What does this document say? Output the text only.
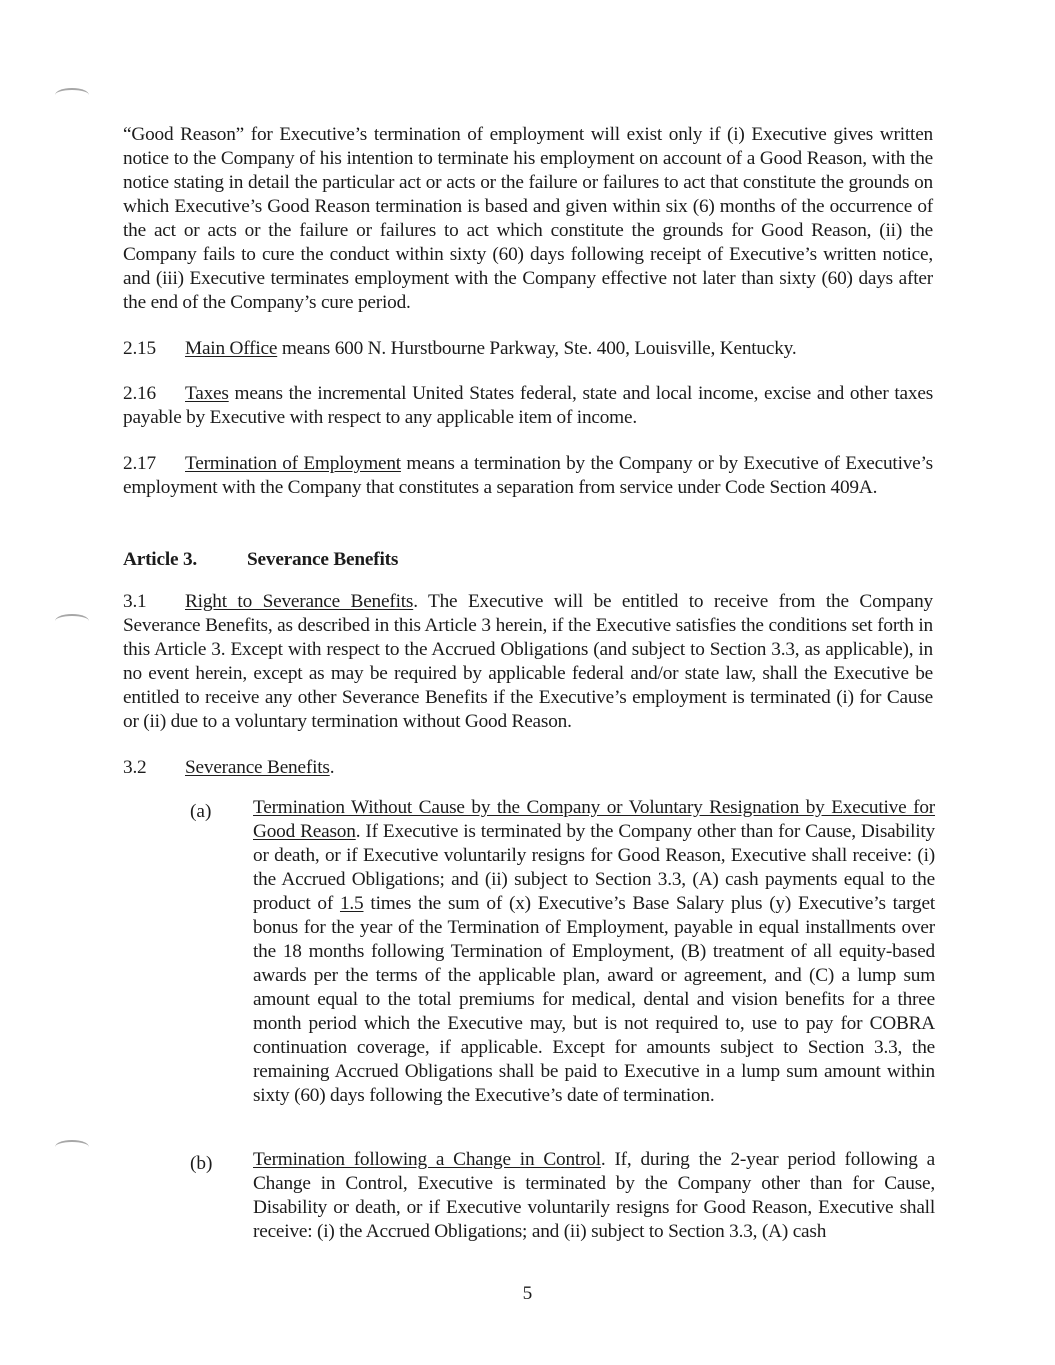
“Good Reason” for Executive’s termination of employment will exist only if (i) Executive gives written notice to the Company of his intention to terminate his employment on account of a Good Reason, with the notice stating in detail the particular act or acts or the failure or failures to act that constitute the grounds on which Executive’s Good Reason termination is based and given within six (6) months of the occurrence of the act or acts or the failure or failures to act which constitute the grounds for Good Reason, (ii) the Company fails to cure the conduct within sixty (60) days following receipt of Executive’s written notice, and (iii) Executive terminates employment with the Company effective not later than sixty (60) days after the end of the Company’s cure period.

2.15 Main Office means 600 N. Hurstbourne Parkway, Ste. 400, Louisville, Kentucky.

2.16 Taxes means the incremental United States federal, state and local income, excise and other taxes payable by Executive with respect to any applicable item of income.

2.17 Termination of Employment means a termination by the Company or by Executive of Executive’s employment with the Company that constitutes a separation from service under Code Section 409A.

Article 3.	Severance Benefits

3.1 Right to Severance Benefits. The Executive will be entitled to receive from the Company Severance Benefits, as described in this Article 3 herein, if the Executive satisfies the conditions set forth in this Article 3. Except with respect to the Accrued Obligations (and subject to Section 3.3, as applicable), in no event herein, except as may be required by applicable federal and/or state law, shall the Executive be entitled to receive any other Severance Benefits if the Executive’s employment is terminated (i) for Cause or (ii) due to a voluntary termination without Good Reason.

3.2 Severance Benefits.

(a) Termination Without Cause by the Company or Voluntary Resignation by Executive for Good Reason. If Executive is terminated by the Company other than for Cause, Disability or death, or if Executive voluntarily resigns for Good Reason, Executive shall receive: (i) the Accrued Obligations; and (ii) subject to Section 3.3, (A) cash payments equal to the product of 1.5 times the sum of (x) Executive’s Base Salary plus (y) Executive’s target bonus for the year of the Termination of Employment, payable in equal installments over the 18 months following Termination of Employment, (B) treatment of all equity-based awards per the terms of the applicable plan, award or agreement, and (C) a lump sum amount equal to the total premiums for medical, dental and vision benefits for a three month period which the Executive may, but is not required to, use to pay for COBRA continuation coverage, if applicable. Except for amounts subject to Section 3.3, the remaining Accrued Obligations shall be paid to Executive in a lump sum amount within sixty (60) days following the Executive’s date of termination.

(b) Termination following a Change in Control. If, during the 2-year period following a Change in Control, Executive is terminated by the Company other than for Cause, Disability or death, or if Executive voluntarily resigns for Good Reason, Executive shall receive: (i) the Accrued Obligations; and (ii) subject to Section 3.3, (A) cash

5
